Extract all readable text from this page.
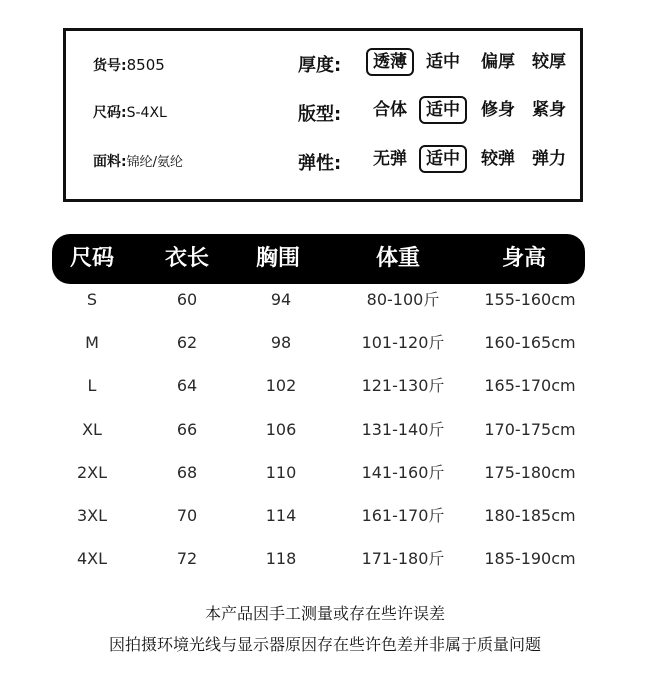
货号:8505
尺码:S-4XL
面料:锦纶/氨纶
厚度:	透薄	适中	偏厚	较厚
版型:	合体	适中	修身	紧身
弹性:	无弹	适中	较弹	弹力
尺码	衣长	胸围	体重	身高
S	60	94	80-100斤	155-160cm
M	62	98	101-120斤	160-165cm
L	64	102	121-130斤	165-170cm
XL	66	106	131-140斤	170-175cm
2XL	68	110	141-160斤	175-180cm
3XL	70	114	161-170斤	180-185cm
4XL	72	118	171-180斤	185-190cm
本产品因手工测量或存在些许误差
因拍摄环境光线与显示器原因存在些许色差并非属于质量问题
